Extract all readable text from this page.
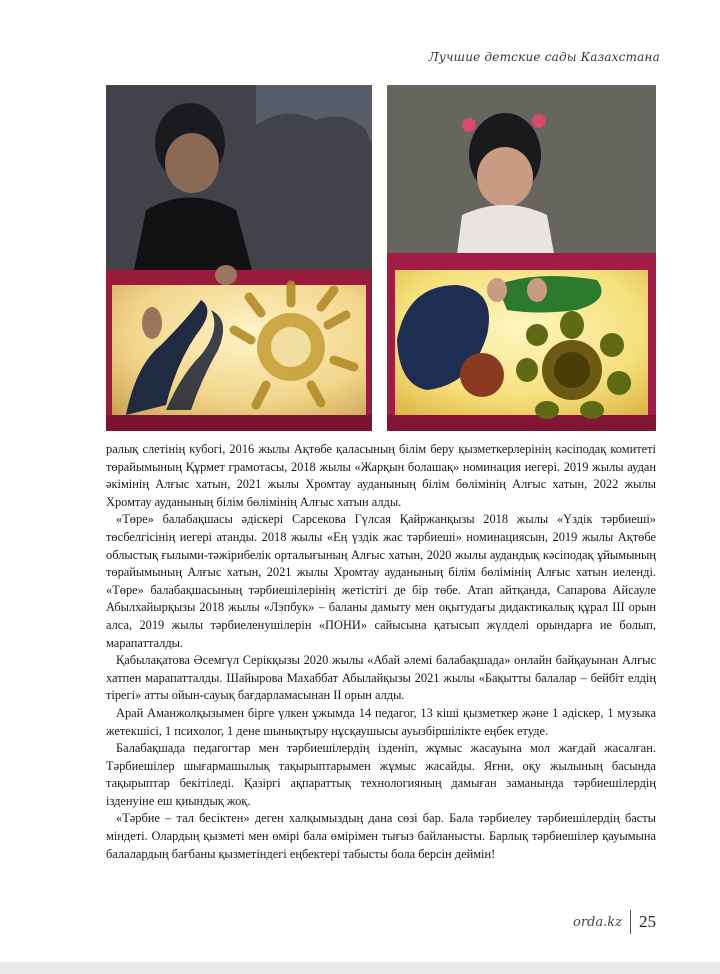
Лучшие детские сады Казахстана

ралық слетінің кубогі, 2016 жылы Ақтөбе қаласының білім беру қызметкерлерінің кәсіподақ комитеті төрайымының Құрмет грамотасы, 2018 жылы «Жарқын болашақ» номинация иегері. 2019 жылы аудан әкімінің Алғыс хатын, 2021 жылы Хромтау ауданының білім бөлімінің Алғыс хатын, 2022 жылы Хромтау ауданының білім бөлімінің Алғыс хатын алды.

«Төре» балабақшасы әдіскері Сарсекова Гүлсая Қайржанқызы 2018 жылы «Үздік тәрбиеші» төсбелгісінің иегері атанды. 2018 жылы «Ең үздік жас тәрбиеші» номинациясын, 2019 жылы Ақтөбе облыстық ғылыми-тәжірибелік орталығының Алғыс хатын, 2020 жылы аудандық кәсіподақ ұйымының төрайымының Алғыс хатын, 2021 жылы Хромтау ауданының білім бөлімінің Алғыс хатын иеленді. «Төре» балабақшасының тәрбиешілерінің жетістігі де бір төбе. Атап айтқанда, Сапарова Айсауле Абылхайырқызы 2018 жылы «Лэпбук» – баланы дамыту мен оқытудағы дидактикалық құрал III орын алса, 2019 жылы тәрбиеленушілерін «ПОНИ» сайысына қатысып жүлделі орындарға ие болып, марапатталды.

Қабылақатова Әсемгүл Серікқызы 2020 жылы «Абай әлемі балабақшада» онлайн байқауынан Алғыс хатпен марапатталды. Шайырова Махаббат Абылайқызы 2021 жылы «Бақытты балалар – бейбіт елдің тірегі» атты ойын-сауық бағдарламасынан II орын алды.

Арай Аманжолқызымен бірге үлкен ұжымда 14 педагог, 13 кіші қызметкер және 1 әдіскер, 1 музыка жетекшісі, 1 психолог, 1 дене шынықтыру нұсқаушысы ауызбіршілікте еңбек етуде.

Балабақшада педагогтар мен тәрбиешілердің ізденіп, жұмыс жасауына мол жағдай жасалған. Тәрбиешілер шығармашылық тақырыптарымен жұмыс жасайды. Яғни, оқу жылының басында тақырыптар бекітіледі. Қазіргі ақпараттық технологияның дамыған заманында тәрбиешілердің ізденуіне еш қиындық жоқ.

«Тәрбие – тал бесіктен» деген халқымыздың дана сөзі бар. Бала тәрбиелеу тәрбиешілердің басты міндеті. Олардың қызметі мен өмірі бала өмірімен тығыз байланысты. Барлық тәрбиешілер қауымына балалардың бағбаны қызметіндегі еңбектері табысты бола берсін деймін!

orda.kz	25
